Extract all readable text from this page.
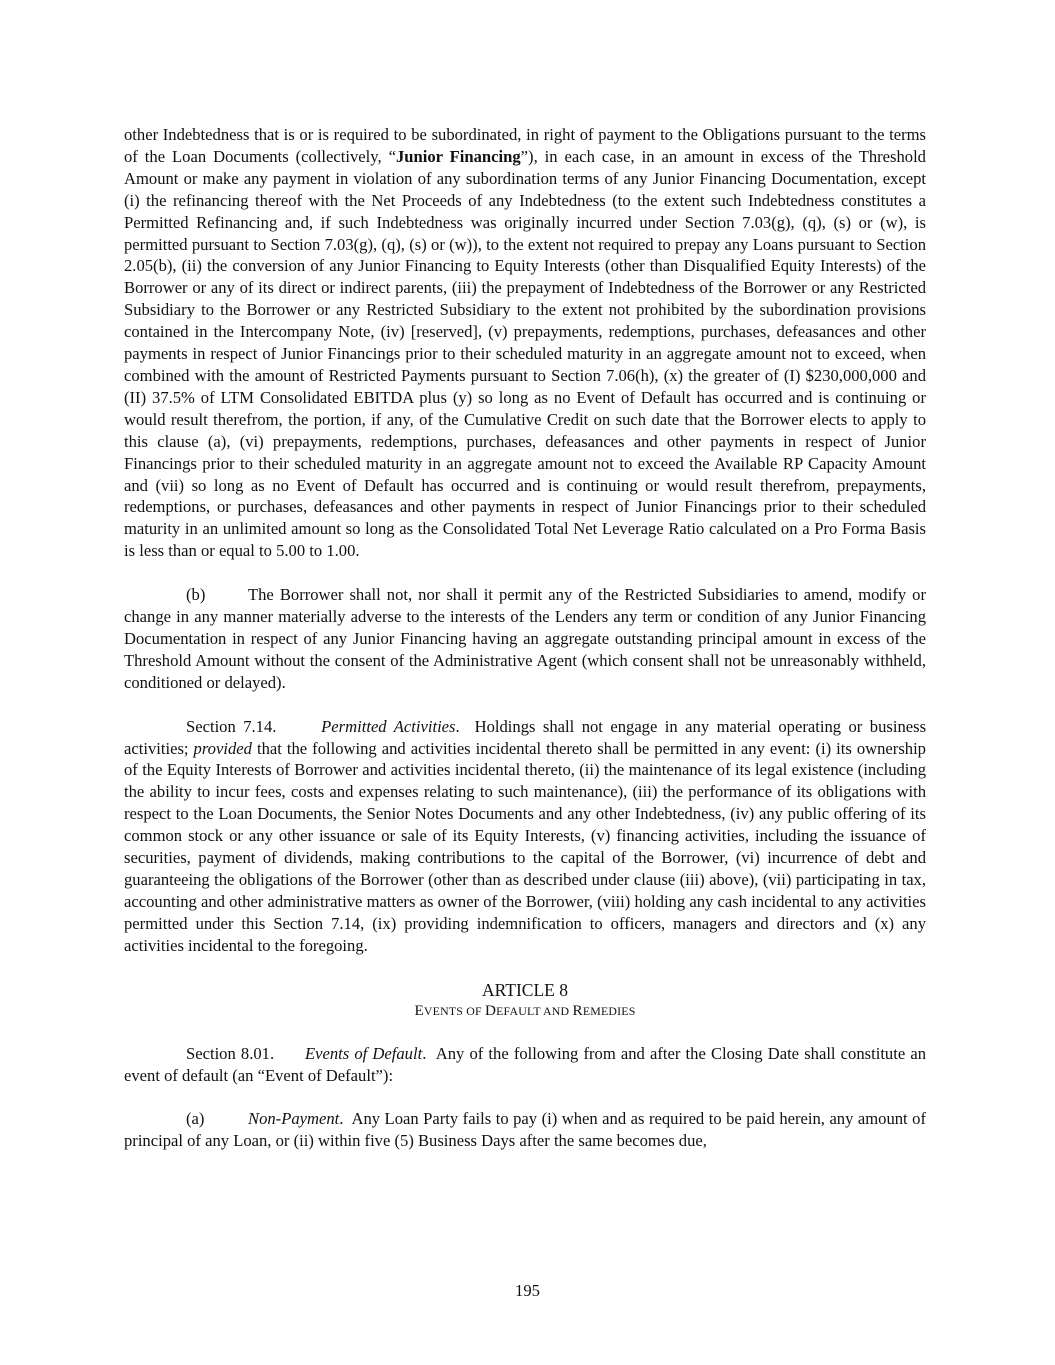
other Indebtedness that is or is required to be subordinated, in right of payment to the Obligations pursuant to the terms of the Loan Documents (collectively, “Junior Financing”), in each case, in an amount in excess of the Threshold Amount or make any payment in violation of any subordination terms of any Junior Financing Documentation, except (i) the refinancing thereof with the Net Proceeds of any Indebtedness (to the extent such Indebtedness constitutes a Permitted Refinancing and, if such Indebtedness was originally incurred under Section 7.03(g), (q), (s) or (w), is permitted pursuant to Section 7.03(g), (q), (s) or (w)), to the extent not required to prepay any Loans pursuant to Section 2.05(b), (ii) the conversion of any Junior Financing to Equity Interests (other than Disqualified Equity Interests) of the Borrower or any of its direct or indirect parents, (iii) the prepayment of Indebtedness of the Borrower or any Restricted Subsidiary to the Borrower or any Restricted Subsidiary to the extent not prohibited by the subordination provisions contained in the Intercompany Note, (iv) [reserved], (v) prepayments, redemptions, purchases, defeasances and other payments in respect of Junior Financings prior to their scheduled maturity in an aggregate amount not to exceed, when combined with the amount of Restricted Payments pursuant to Section 7.06(h), (x) the greater of (I) $230,000,000 and (II) 37.5% of LTM Consolidated EBITDA plus (y) so long as no Event of Default has occurred and is continuing or would result therefrom, the portion, if any, of the Cumulative Credit on such date that the Borrower elects to apply to this clause (a), (vi) prepayments, redemptions, purchases, defeasances and other payments in respect of Junior Financings prior to their scheduled maturity in an aggregate amount not to exceed the Available RP Capacity Amount and (vii) so long as no Event of Default has occurred and is continuing or would result therefrom, prepayments, redemptions, or purchases, defeasances and other payments in respect of Junior Financings prior to their scheduled maturity in an unlimited amount so long as the Consolidated Total Net Leverage Ratio calculated on a Pro Forma Basis is less than or equal to 5.00 to 1.00.

(b)	The Borrower shall not, nor shall it permit any of the Restricted Subsidiaries to amend, modify or change in any manner materially adverse to the interests of the Lenders any term or condition of any Junior Financing Documentation in respect of any Junior Financing having an aggregate outstanding principal amount in excess of the Threshold Amount without the consent of the Administrative Agent (which consent shall not be unreasonably withheld, conditioned or delayed).

Section 7.14.	Permitted Activities. Holdings shall not engage in any material operating or business activities; provided that the following and activities incidental thereto shall be permitted in any event: (i) its ownership of the Equity Interests of Borrower and activities incidental thereto, (ii) the maintenance of its legal existence (including the ability to incur fees, costs and expenses relating to such maintenance), (iii) the performance of its obligations with respect to the Loan Documents, the Senior Notes Documents and any other Indebtedness, (iv) any public offering of its common stock or any other issuance or sale of its Equity Interests, (v) financing activities, including the issuance of securities, payment of dividends, making contributions to the capital of the Borrower, (vi) incurrence of debt and guaranteeing the obligations of the Borrower (other than as described under clause (iii) above), (vii) participating in tax, accounting and other administrative matters as owner of the Borrower, (viii) holding any cash incidental to any activities permitted under this Section 7.14, (ix) providing indemnification to officers, managers and directors and (x) any activities incidental to the foregoing.

ARTICLE 8

EVENTS OF DEFAULT AND REMEDIES

Section 8.01. Events of Default. Any of the following from and after the Closing Date shall constitute an event of default (an “Event of Default”):

(a)	Non-Payment. Any Loan Party fails to pay (i) when and as required to be paid herein, any amount of principal of any Loan, or (ii) within five (5) Business Days after the same becomes due,

195
